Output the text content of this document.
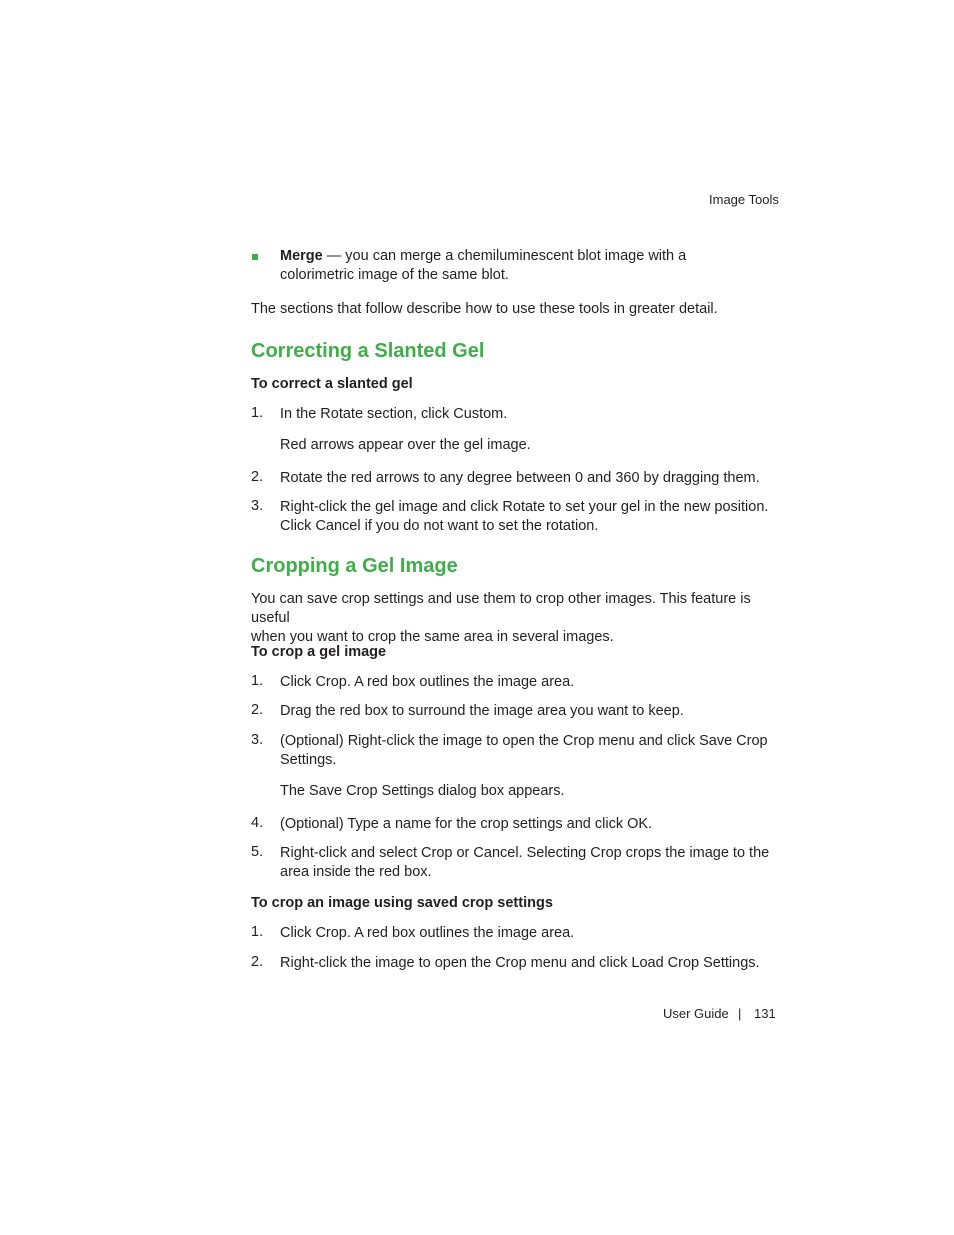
Image Tools
Merge — you can merge a chemiluminescent blot image with a
colorimetric image of the same blot.
The sections that follow describe how to use these tools in greater detail.
Correcting a Slanted Gel
To correct a slanted gel
1. In the Rotate section, click Custom.
Red arrows appear over the gel image.
2. Rotate the red arrows to any degree between 0 and 360 by dragging them.
3. Right-click the gel image and click Rotate to set your gel in the new position.
Click Cancel if you do not want to set the rotation.
Cropping a Gel Image
You can save crop settings and use them to crop other images. This feature is useful
when you want to crop the same area in several images.
To crop a gel image
1. Click Crop. A red box outlines the image area.
2. Drag the red box to surround the image area you want to keep.
3. (Optional) Right-click the image to open the Crop menu and click Save Crop
Settings.
The Save Crop Settings dialog box appears.
4. (Optional) Type a name for the crop settings and click OK.
5. Right-click and select Crop or Cancel. Selecting Crop crops the image to the
area inside the red box.
To crop an image using saved crop settings
1. Click Crop. A red box outlines the image area.
2. Right-click the image to open the Crop menu and click Load Crop Settings.
User Guide | 131
